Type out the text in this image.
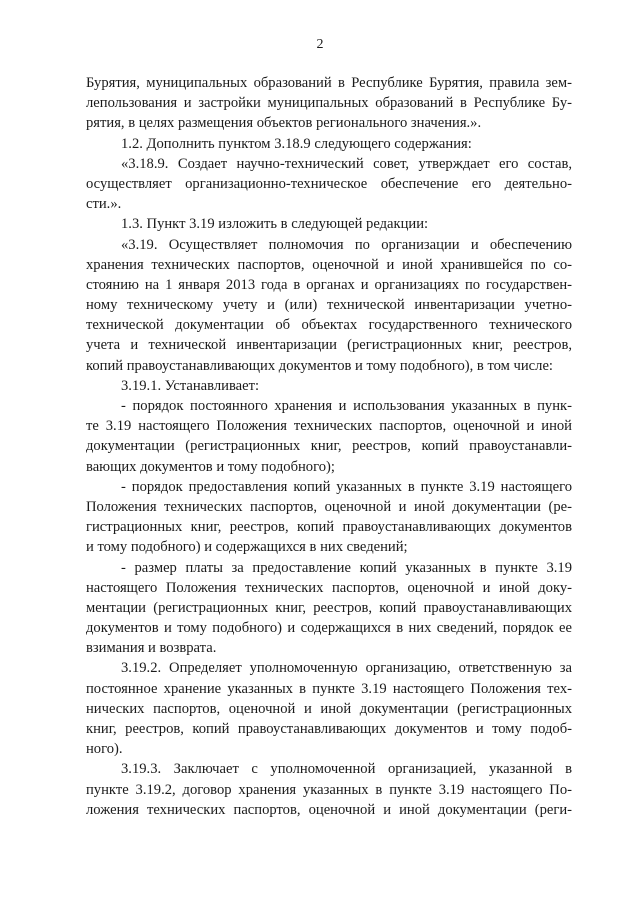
2
Бурятия, муниципальных образований в Республике Бурятия, правила зем-
лепользования и застройки муниципальных образований в Республике Бу-
рятия, в целях размещения объектов регионального значения.».
1.2. Дополнить пунктом 3.18.9 следующего содержания:
«3.18.9. Создает научно-технический совет, утверждает его состав,
осуществляет организационно-техническое обеспечение его деятельно-
сти.».
1.3. Пункт 3.19 изложить в следующей редакции:
«3.19. Осуществляет полномочия по организации и обеспечению
хранения технических паспортов, оценочной и иной хранившейся по со-
стоянию на 1 января 2013 года в органах и организациях по государствен-
ному техническому учету и (или) технической инвентаризации учетно-
технической документации об объектах государственного технического
учета и технической инвентаризации (регистрационных книг, реестров,
копий правоустанавливающих документов и тому подобного), в том числе:
3.19.1. Устанавливает:
- порядок постоянного хранения и использования указанных в пунк-
те 3.19 настоящего Положения технических паспортов, оценочной и иной
документации (регистрационных книг, реестров, копий правоустанавли-
вающих документов и тому подобного);
- порядок предоставления копий указанных в пункте 3.19 настоящего
Положения технических паспортов, оценочной и иной документации (ре-
гистрационных книг, реестров, копий правоустанавливающих документов
и тому подобного) и содержащихся в них сведений;
- размер платы за предоставление копий указанных в пункте 3.19
настоящего Положения технических паспортов, оценочной и иной доку-
ментации (регистрационных книг, реестров, копий правоустанавливающих
документов и тому подобного) и содержащихся в них сведений, порядок ее
взимания и возврата.
3.19.2. Определяет уполномоченную организацию, ответственную за
постоянное хранение указанных в пункте 3.19 настоящего Положения тех-
нических паспортов, оценочной и иной документации (регистрационных
книг, реестров, копий правоустанавливающих документов и тому подоб-
ного).
3.19.3. Заключает с уполномоченной организацией, указанной в
пункте 3.19.2, договор хранения указанных в пункте 3.19 настоящего По-
ложения технических паспортов, оценочной и иной документации (реги-
